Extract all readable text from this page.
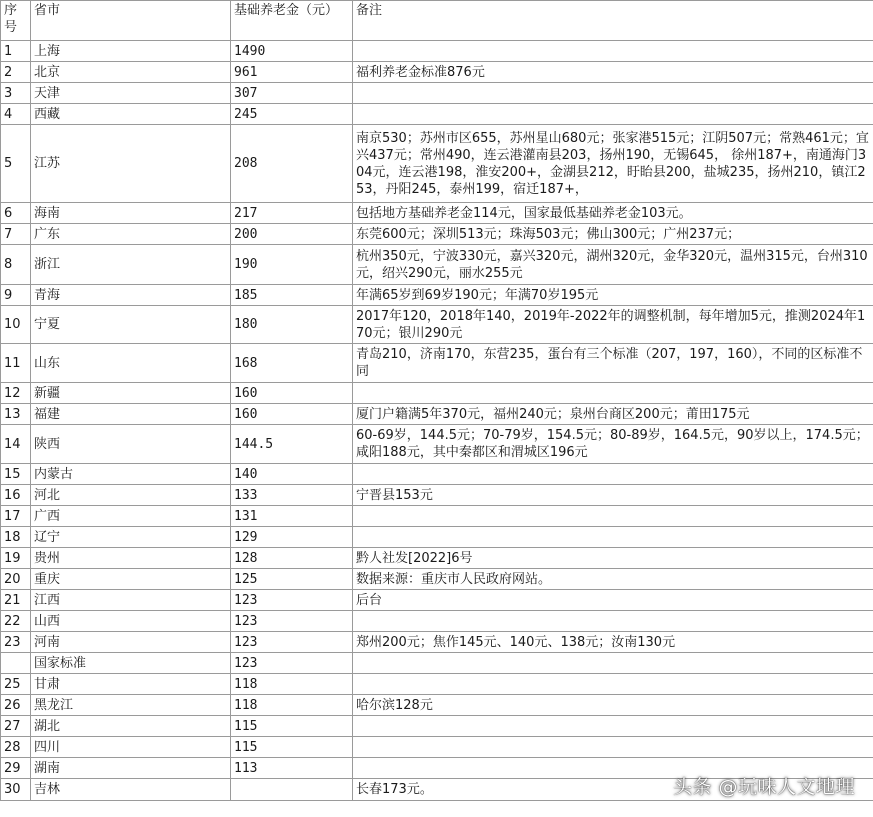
序号	省市	基础养老金（元）	备注
1	上海	1490	
2	北京	961	福利养老金标准876元
3	天津	307	
4	西藏	245	
5	江苏	208	南京530；苏州市区655，苏州星山680元；张家港515元；江阴507元；常熟461元；宜兴437元；常州490，连云港灌南县203，扬州190，无锡645， 徐州187+，南通海门304元，连云港198，淮安200+，金湖县212，盱眙县200，盐城235，扬州210，镇江253，丹阳245，泰州199，宿迁187+，
6	海南	217	包括地方基础养老金114元，国家最低基础养老金103元。
7	广东	200	东莞600元；深圳513元；珠海503元；佛山300元；广州237元；
8	浙江	190	杭州350元，宁波330元，嘉兴320元，湖州320元，金华320元，温州315元，台州310元，绍兴290元，丽水255元
9	青海	185	年满65岁到69岁190元；年满70岁195元
10	宁夏	180	2017年120，2018年140，2019年-2022年的调整机制，每年增加5元，推测2024年170元；银川290元
11	山东	168	青岛210，济南170，东营235，蛋台有三个标准（207，197，160），不同的区标准不同
12	新疆	160	
13	福建	160	厦门户籍满5年370元，福州240元；泉州台商区200元；莆田175元
14	陕西	144.5	60-69岁，144.5元；70-79岁，154.5元；80-89岁，164.5元，90岁以上，174.5元；咸阳188元，其中秦都区和渭城区196元
15	内蒙古	140	
16	河北	133	宁晋县153元
17	广西	131	
18	辽宁	129	
19	贵州	128	黔人社发[2022]6号
20	重庆	125	数据来源：重庆市人民政府网站。
21	江西	123	后台
22	山西	123	
23	河南	123	郑州200元；焦作145元、140元、138元；汝南130元
	国家标准	123	
25	甘肃	118	
26	黑龙江	118	哈尔滨128元
27	湖北	115	
28	四川	115	
29	湖南	113	
30	吉林		长春173元。	头条 @玩味人文地理
